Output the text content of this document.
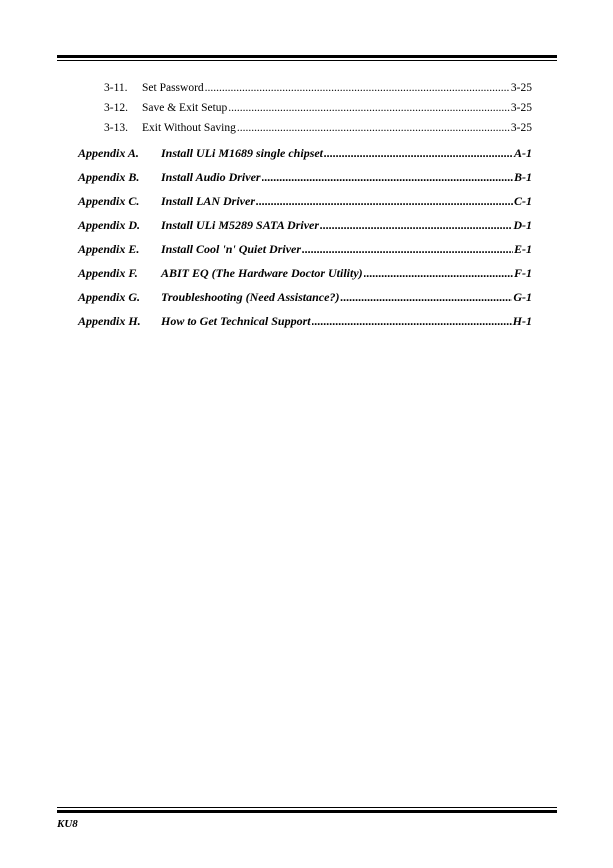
3-11.	Set Password .....	3-25
3-12.	Save & Exit Setup .....	3-25
3-13.	Exit Without Saving .....	3-25
Appendix A.	Install ULi M1689 single chipset .....	A-1
Appendix B.	Install Audio Driver .....	B-1
Appendix C.	Install LAN Driver .....	C-1
Appendix D.	Install ULi M5289 SATA Driver .....	D-1
Appendix E.	Install Cool 'n' Quiet Driver .....	E-1
Appendix F.	ABIT EQ (The Hardware Doctor Utility) .....	F-1
Appendix G.	Troubleshooting (Need Assistance?) .....	G-1
Appendix H.	How to Get Technical Support .....	H-1
KU8
